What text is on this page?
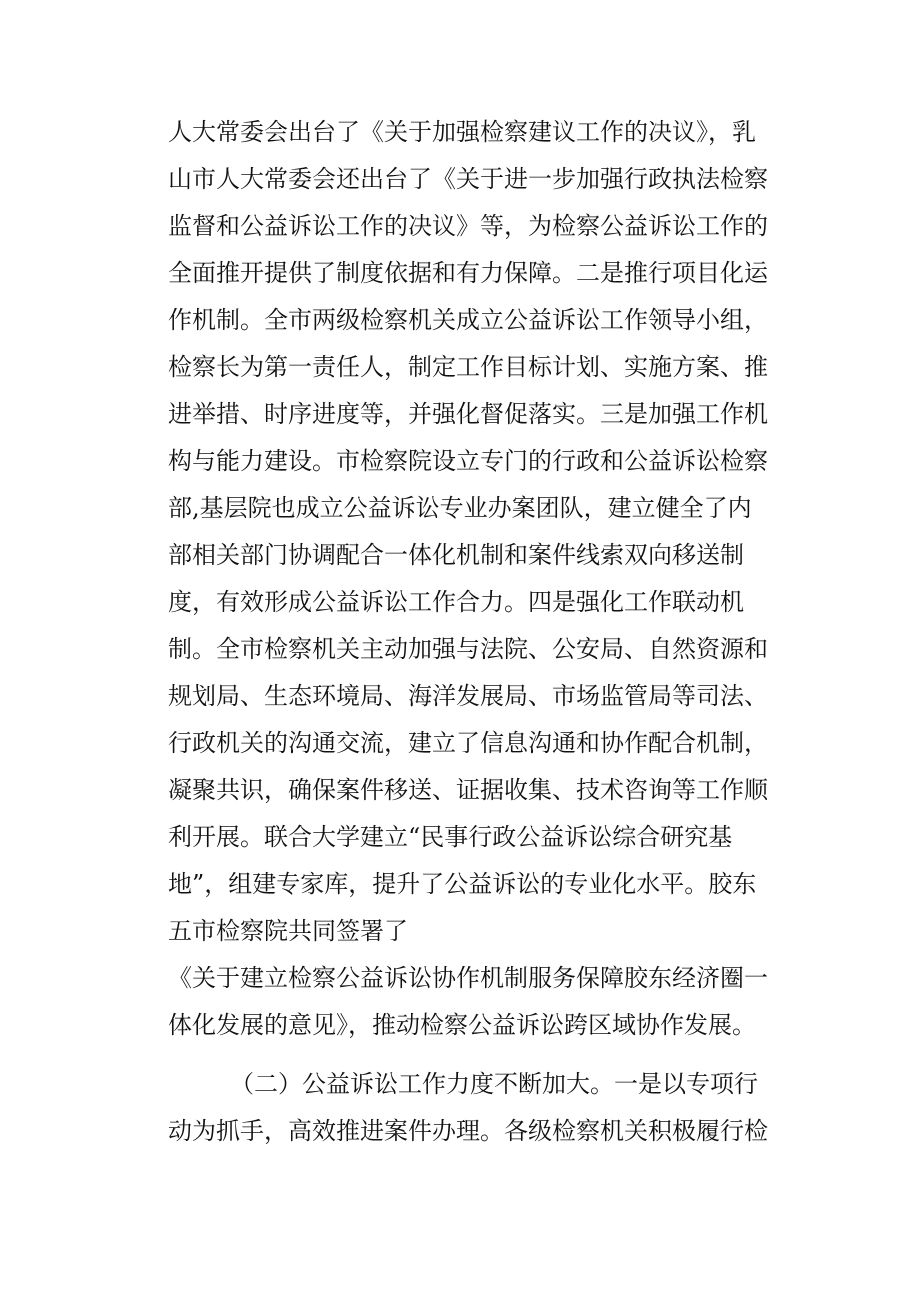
人大常委会出台了《关于加强检察建议工作的决议》，乳
山市人大常委会还出台了《关于进一步加强行政执法检察
监督和公益诉讼工作的决议》等，为检察公益诉讼工作的
全面推开提供了制度依据和有力保障。二是推行项目化运
作机制。全市两级检察机关成立公益诉讼工作领导小组，
检察长为第一责任人，制定工作目标计划、实施方案、推
进举措、时序进度等，并强化督促落实。三是加强工作机
构与能力建设。市检察院设立专门的行政和公益诉讼检察
部,基层院也成立公益诉讼专业办案团队，建立健全了内
部相关部门协调配合一体化机制和案件线索双向移送制
度，有效形成公益诉讼工作合力。四是强化工作联动机
制。全市检察机关主动加强与法院、公安局、自然资源和
规划局、生态环境局、海洋发展局、市场监管局等司法、
行政机关的沟通交流，建立了信息沟通和协作配合机制，
凝聚共识，确保案件移送、证据收集、技术咨询等工作顺
利开展。联合大学建立“民事行政公益诉讼综合研究基
地”，组建专家库，提升了公益诉讼的专业化水平。胶东
五市检察院共同签署了
《关于建立检察公益诉讼协作机制服务保障胶东经济圈一
体化发展的意见》，推动检察公益诉讼跨区域协作发展。
（二）公益诉讼工作力度不断加大。一是以专项行
动为抓手，高效推进案件办理。各级检察机关积极履行检
